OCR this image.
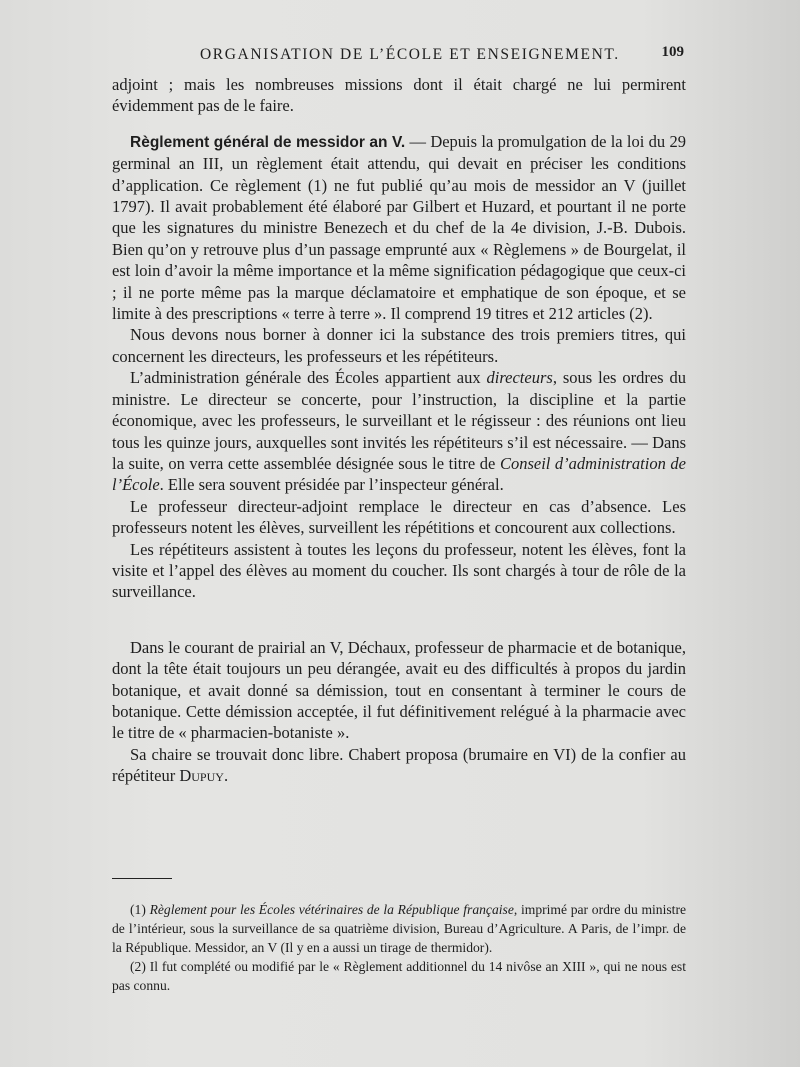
ORGANISATION DE L’ÉCOLE ET ENSEIGNEMENT.	109

adjoint ; mais les nombreuses missions dont il était chargé ne lui permirent évidemment pas de le faire.

Règlement général de messidor an V. — Depuis la promulgation de la loi du 29 germinal an III, un règlement était attendu, qui devait en préciser les conditions d’application. Ce règlement (1) ne fut publié qu’au mois de messidor an V (juillet 1797). Il avait probablement été élaboré par Gilbert et Huzard, et pourtant il ne porte que les signatures du ministre Benezech et du chef de la 4e division, J.-B. Dubois. Bien qu’on y retrouve plus d’un passage emprunté aux « Règlemens » de Bourgelat, il est loin d’avoir la même importance et la même signification pédagogique que ceux-ci ; il ne porte même pas la marque déclamatoire et emphatique de son époque, et se limite à des prescriptions « terre à terre ». Il comprend 19 titres et 212 articles (2).

Nous devons nous borner à donner ici la substance des trois premiers titres, qui concernent les directeurs, les professeurs et les répétiteurs.

L’administration générale des Écoles appartient aux directeurs, sous les ordres du ministre. Le directeur se concerte, pour l’instruction, la discipline et la partie économique, avec les professeurs, le surveillant et le régisseur : des réunions ont lieu tous les quinze jours, auxquelles sont invités les répétiteurs s’il est nécessaire. — Dans la suite, on verra cette assemblée désignée sous le titre de Conseil d’administration de l’École. Elle sera souvent présidée par l’inspecteur général.

Le professeur directeur-adjoint remplace le directeur en cas d’absence. Les professeurs notent les élèves, surveillent les répétitions et concourent aux collections.

Les répétiteurs assistent à toutes les leçons du professeur, notent les élèves, font la visite et l’appel des élèves au moment du coucher. Ils sont chargés à tour de rôle de la surveillance.

Dans le courant de prairial an V, Déchaux, professeur de pharmacie et de botanique, dont la tête était toujours un peu dérangée, avait eu des difficultés à propos du jardin botanique, et avait donné sa démission, tout en consentant à terminer le cours de botanique. Cette démission acceptée, il fut définitivement relégué à la pharmacie avec le titre de « pharmacien-botaniste ».

Sa chaire se trouvait donc libre. Chabert proposa (brumaire en VI) de la confier au répétiteur Dupuy.

(1) Règlement pour les Écoles vétérinaires de la République française, imprimé par ordre du ministre de l’intérieur, sous la surveillance de sa quatrième division, Bureau d’Agriculture. A Paris, de l’impr. de la République. Messidor, an V (Il y en a aussi un tirage de thermidor).

(2) Il fut complété ou modifié par le « Règlement additionnel du 14 nivôse an XIII », qui ne nous est pas connu.
